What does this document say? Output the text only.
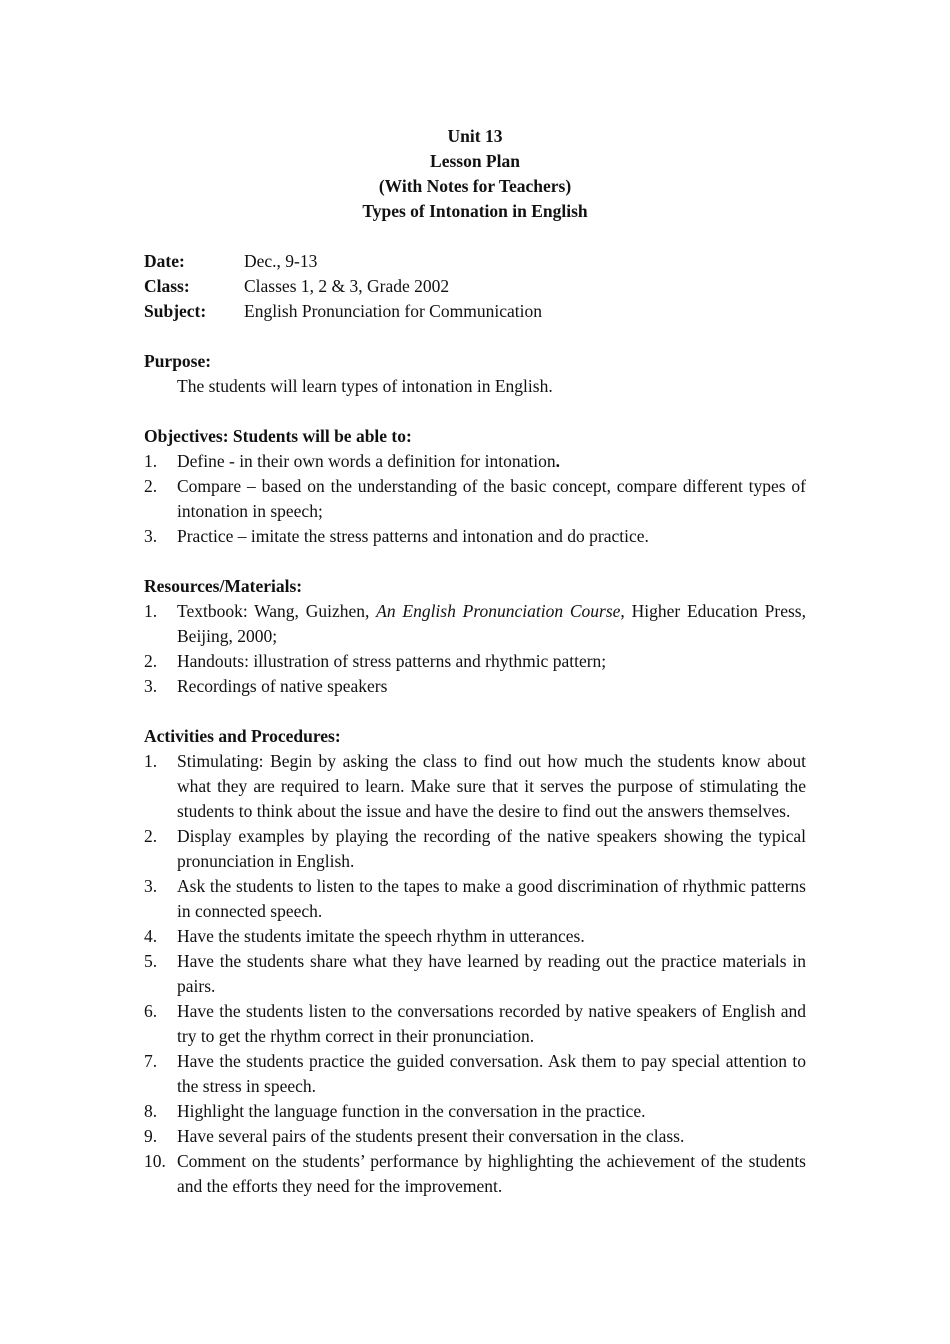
Unit 13
Lesson Plan
(With Notes for Teachers)
Types of Intonation in English
Date:	Dec., 9-13
Class:	Classes 1, 2 & 3, Grade 2002
Subject:	English Pronunciation for Communication
Purpose:
The students will learn types of intonation in English.
Objectives: Students will be able to:
1.	Define - in their own words a definition for intonation.
2.	Compare – based on the understanding of the basic concept, compare different types of intonation in speech;
3.	Practice – imitate the stress patterns and intonation and do practice.
Resources/Materials:
1.	Textbook: Wang, Guizhen, An English Pronunciation Course, Higher Education Press, Beijing, 2000;
2.	Handouts: illustration of stress patterns and rhythmic pattern;
3.	Recordings of native speakers
Activities and Procedures:
1.	Stimulating: Begin by asking the class to find out how much the students know about what they are required to learn. Make sure that it serves the purpose of stimulating the students to think about the issue and have the desire to find out the answers themselves.
2.	Display examples by playing the recording of the native speakers showing the typical pronunciation in English.
3.	Ask the students to listen to the tapes to make a good discrimination of rhythmic patterns in connected speech.
4.	Have the students imitate the speech rhythm in utterances.
5.	Have the students share what they have learned by reading out the practice materials in pairs.
6.	Have the students listen to the conversations recorded by native speakers of English and try to get the rhythm correct in their pronunciation.
7.	Have the students practice the guided conversation. Ask them to pay special attention to the stress in speech.
8.	Highlight the language function in the conversation in the practice.
9.	Have several pairs of the students present their conversation in the class.
10. Comment on the students’ performance by highlighting the achievement of the students and the efforts they need for the improvement.
